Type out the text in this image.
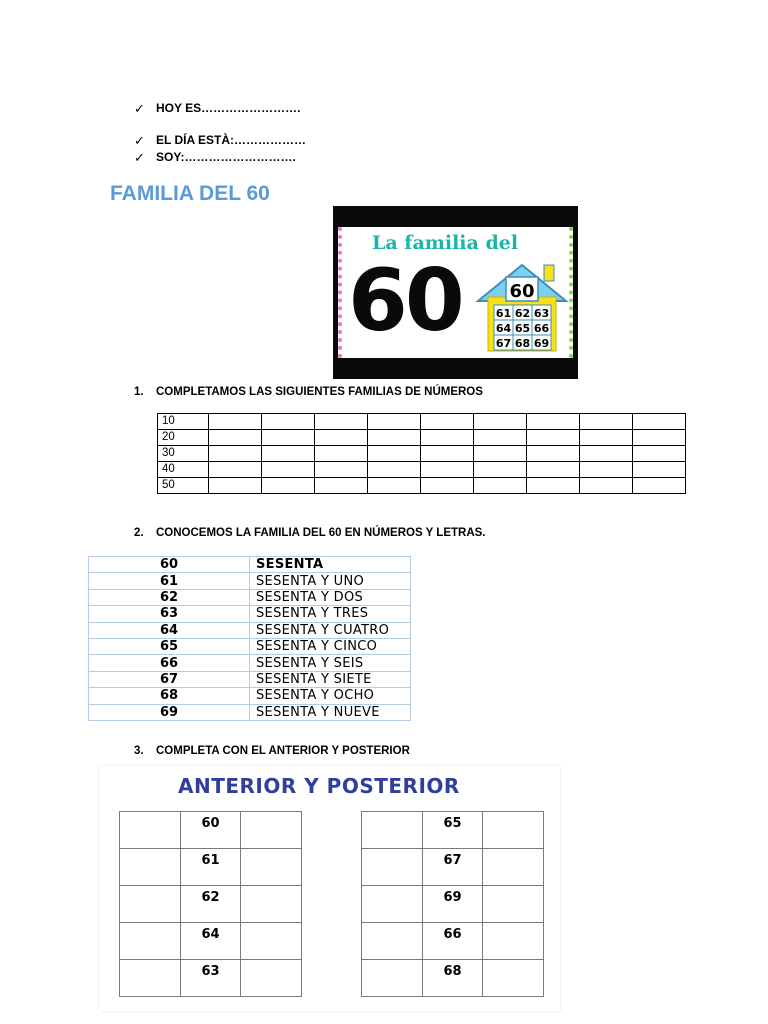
✓ HOY ES…………………….
✓ EL DÍA ESTÀ:………………
✓ SOY:……………………….
FAMILIA DEL 60
La familia del
60	60
61 62 63
64 65 66
67 68 69

1. COMPLETAMOS LAS SIGUIENTES FAMILIAS DE NÚMEROS

10									
20									
30									
40									
50									

2. CONOCEMOS LA FAMILIA DEL 60 EN NÚMEROS Y LETRAS.

60	SESENTA
61	SESENTA Y UNO
62	SESENTA Y DOS
63	SESENTA Y TRES
64	SESENTA Y CUATRO
65	SESENTA Y CINCO
66	SESENTA Y SEIS
67	SESENTA Y SIETE
68	SESENTA Y OCHO
69	SESENTA Y NUEVE

3. COMPLETA CON EL ANTERIOR Y POSTERIOR

ANTERIOR Y POSTERIOR
	60	
	61	
	62	
	64	
	63	
	65	
	67	
	69	
	66	
	68	
